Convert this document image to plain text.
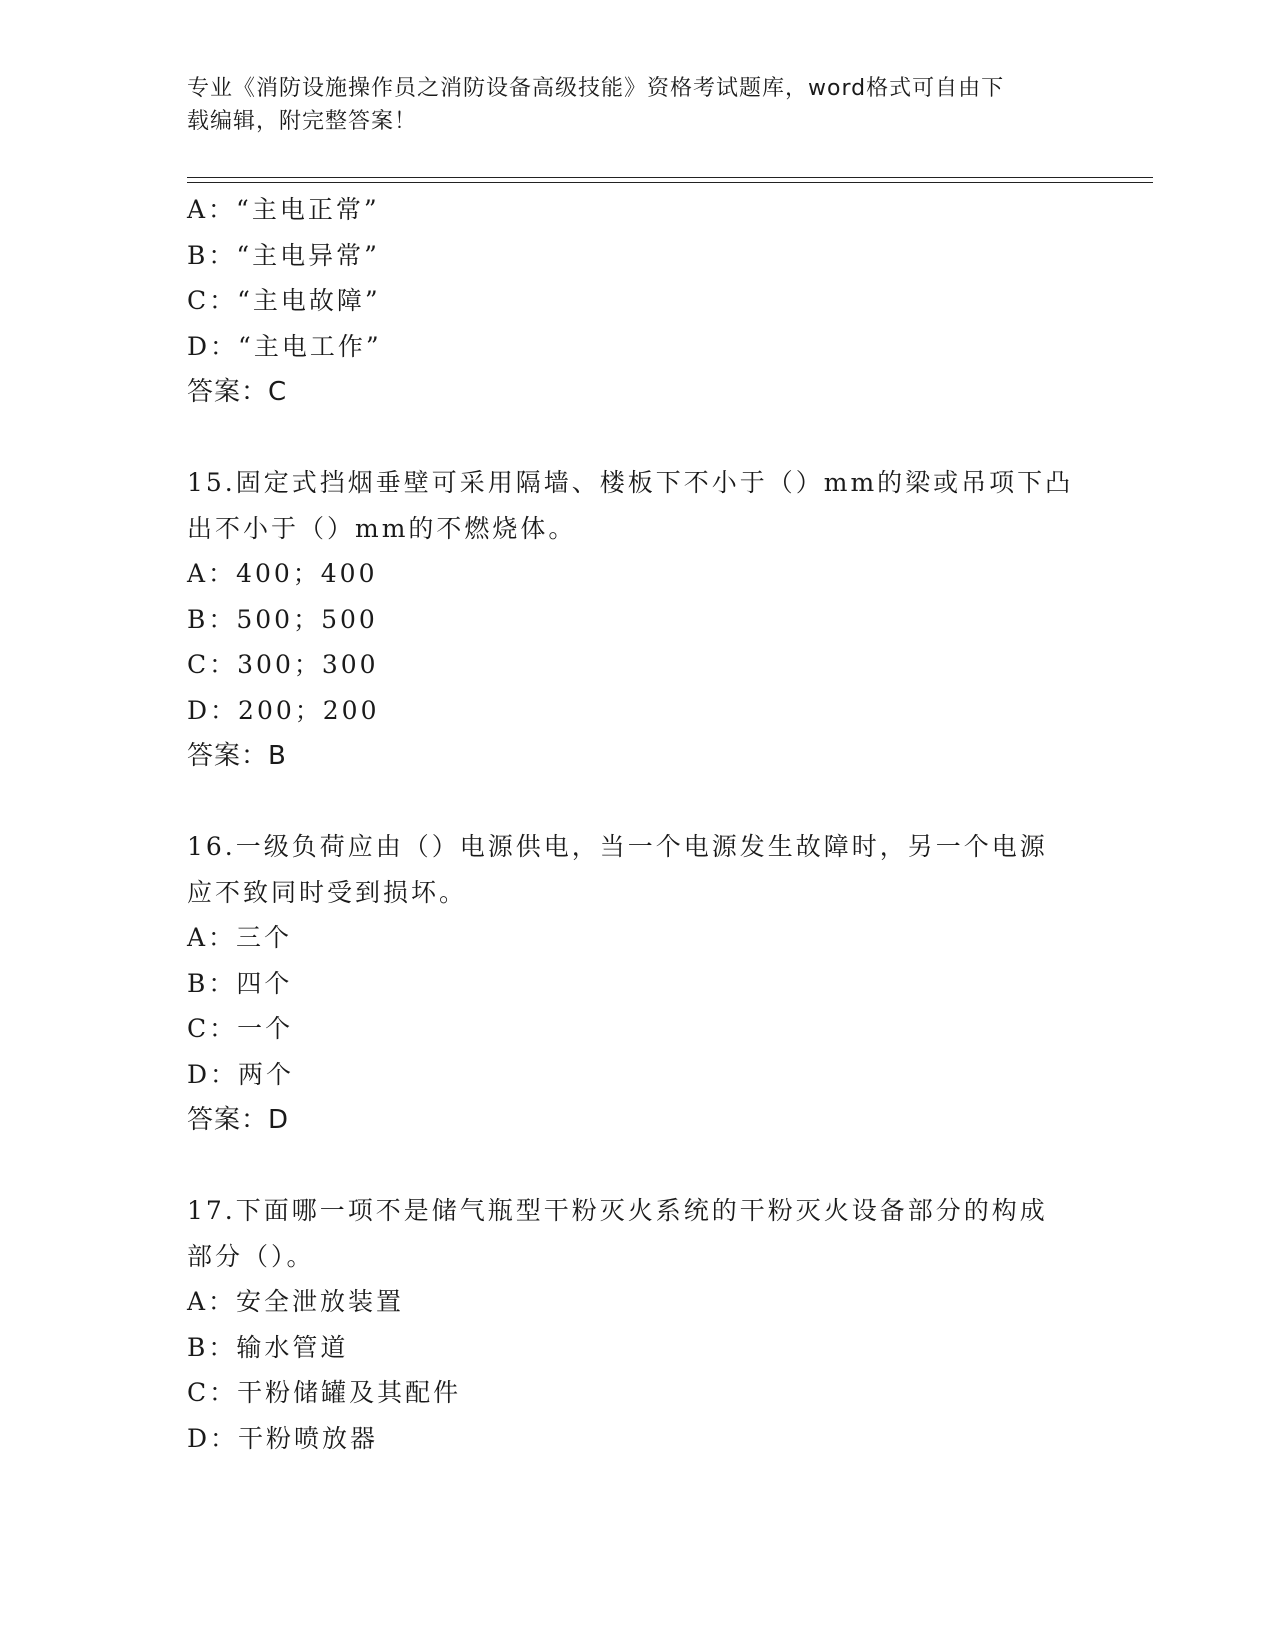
专业《消防设施操作员之消防设备高级技能》资格考试题库，word格式可自由下
载编辑，附完整答案！
A：“主电正常”
B：“主电异常”
C：“主电故障”
D：“主电工作”
答案：C
15.固定式挡烟垂壁可采用隔墙、楼板下不小于（）mm的梁或吊项下凸
出不小于（）mm的不燃烧体。
A：400；400
B：500；500
C：300；300
D：200；200
答案：B
16.一级负荷应由（）电源供电，当一个电源发生故障时，另一个电源
应不致同时受到损坏。
A：三个
B：四个
C：一个
D：两个
答案：D
17.下面哪一项不是储气瓶型干粉灭火系统的干粉灭火设备部分的构成
部分（）。
A：安全泄放装置
B：输水管道
C：干粉储罐及其配件
D：干粉喷放器
